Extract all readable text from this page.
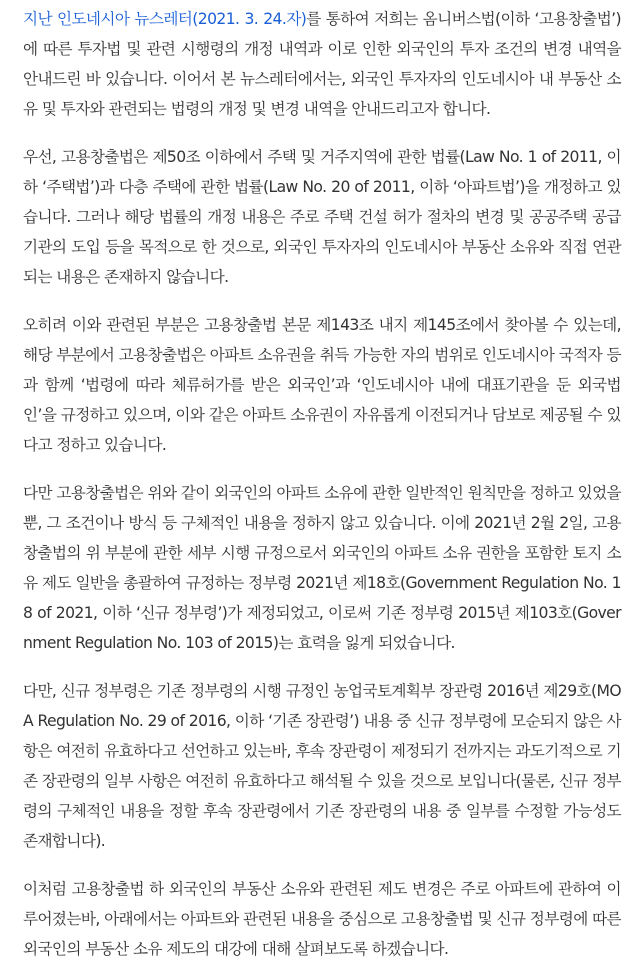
지난 인도네시아 뉴스레터(2021. 3. 24.자)를 통하여 저희는 옴니버스법(이하 ‘고용창출법’)에 따른 투자법 및 관련 시행령의 개정 내역과 이로 인한 외국인의 투자 조건의 변경 내역을 안내드린 바 있습니다. 이어서 본 뉴스레터에서는, 외국인 투자자의 인도네시아 내 부동산 소유 및 투자와 관련되는 법령의 개정 및 변경 내역을 안내드리고자 합니다.

우선, 고용창출법은 제50조 이하에서 주택 및 거주지역에 관한 법률(Law No. 1 of 2011, 이하 ‘주택법’)과 다층 주택에 관한 법률(Law No. 20 of 2011, 이하 ‘아파트법’)을 개정하고 있습니다. 그러나 해당 법률의 개정 내용은 주로 주택 건설 허가 절차의 변경 및 공공주택 공급 기관의 도입 등을 목적으로 한 것으로, 외국인 투자자의 인도네시아 부동산 소유와 직접 연관되는 내용은 존재하지 않습니다.

오히려 이와 관련된 부분은 고용창출법 본문 제143조 내지 제145조에서 찾아볼 수 있는데, 해당 부분에서 고용창출법은 아파트 소유권을 취득 가능한 자의 범위로 인도네시아 국적자 등과 함께 ‘법령에 따라 체류허가를 받은 외국인’과 ‘인도네시아 내에 대표기관을 둔 외국법인’을 규정하고 있으며, 이와 같은 아파트 소유권이 자유롭게 이전되거나 담보로 제공될 수 있다고 정하고 있습니다.

다만 고용창출법은 위와 같이 외국인의 아파트 소유에 관한 일반적인 원칙만을 정하고 있었을 뿐, 그 조건이나 방식 등 구체적인 내용을 정하지 않고 있습니다. 이에 2021년 2월 2일, 고용창출법의 위 부분에 관한 세부 시행 규정으로서 외국인의 아파트 소유 권한을 포함한 토지 소유 제도 일반을 총괄하여 규정하는 정부령 2021년 제18호(Government Regulation No. 18 of 2021, 이하 ‘신규 정부령’)가 제정되었고, 이로써 기존 정부령 2015년 제103호(Government Regulation No. 103 of 2015)는 효력을 잃게 되었습니다.

다만, 신규 정부령은 기존 정부령의 시행 규정인 농업국토계획부 장관령 2016년 제29호(MOA Regulation No. 29 of 2016, 이하 ‘기존 장관령’) 내용 중 신규 정부령에 모순되지 않은 사항은 여전히 유효하다고 선언하고 있는바, 후속 장관령이 제정되기 전까지는 과도기적으로 기존 장관령의 일부 사항은 여전히 유효하다고 해석될 수 있을 것으로 보입니다(물론, 신규 정부령의 구체적인 내용을 정할 후속 장관령에서 기존 장관령의 내용 중 일부를 수정할 가능성도 존재합니다).

이처럼 고용창출법 하 외국인의 부동산 소유와 관련된 제도 변경은 주로 아파트에 관하여 이루어졌는바, 아래에서는 아파트와 관련된 내용을 중심으로 고용창출법 및 신규 정부령에 따른 외국인의 부동산 소유 제도의 대강에 대해 살펴보도록 하겠습니다.
